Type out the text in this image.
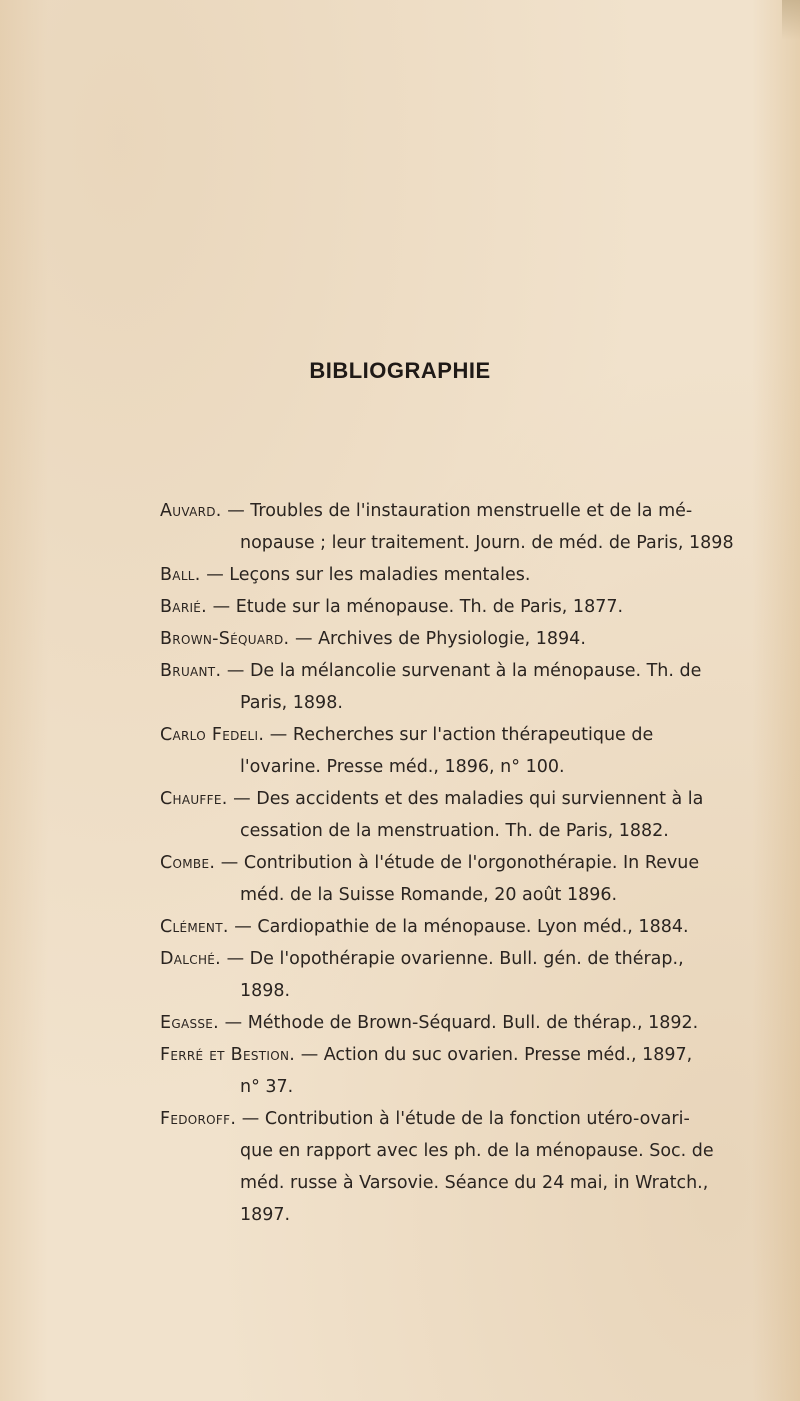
BIBLIOGRAPHIE

Auvard. — Troubles de l'instauration menstruelle et de la mé-
nopause ; leur traitement. Journ. de méd. de Paris, 1898

Ball. — Leçons sur les maladies mentales.

Barié. — Etude sur la ménopause. Th. de Paris, 1877.

Brown-Séquard. — Archives de Physiologie, 1894.

Bruant. — De la mélancolie survenant à la ménopause. Th. de
Paris, 1898.

Carlo Fedeli. — Recherches sur l'action thérapeutique de
l'ovarine. Presse méd., 1896, n° 100.

Chauffe. — Des accidents et des maladies qui surviennent à la
cessation de la menstruation. Th. de Paris, 1882.

Combe. — Contribution à l'étude de l'orgonothérapie. In Revue
méd. de la Suisse Romande, 20 août 1896.

Clément. — Cardiopathie de la ménopause. Lyon méd., 1884.

Dalché. — De l'opothérapie ovarienne. Bull. gén. de thérap.,
1898.

Egasse. — Méthode de Brown-Séquard. Bull. de thérap., 1892.

Ferré et Bestion. — Action du suc ovarien. Presse méd., 1897,
n° 37.

Fedoroff. — Contribution à l'étude de la fonction utéro-ovari-
que en rapport avec les ph. de la ménopause. Soc. de
méd. russe à Varsovie. Séance du 24 mai, in Wratch.,
1897.
